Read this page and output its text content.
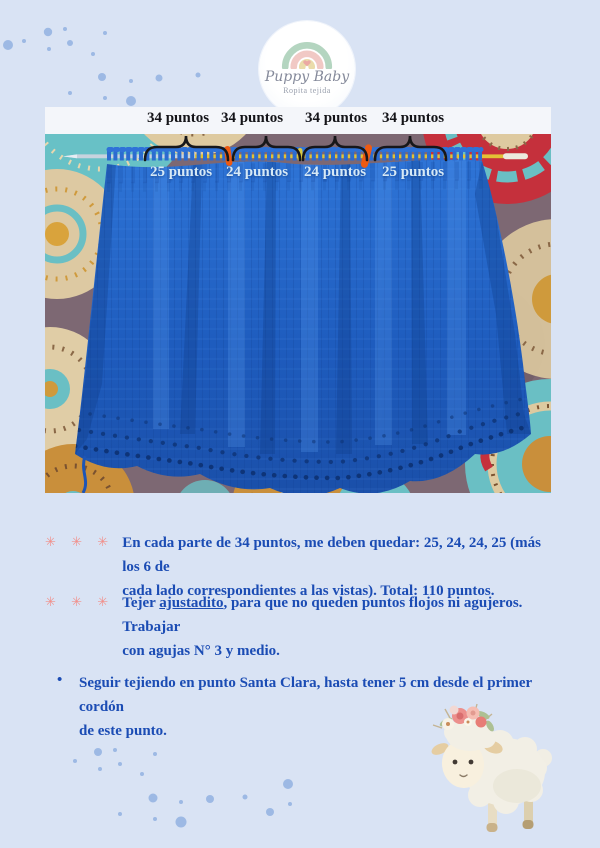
Puppy Baby
Ropita tejida
34 puntos 34 puntos 34 puntos 34 puntos
25 puntos 24 puntos 24 puntos 25 puntos
✳ ✳ ✳ En cada parte de 34 puntos, me deben quedar: 25, 24, 24, 25 (más los 6 de
cada lado correspondientes a las vistas). Total: 110 puntos.
✳ ✳ ✳ Tejer ajustadito, para que no queden puntos flojos ni agujeros. Trabajar
con agujas N° 3 y medio.
•	Seguir tejiendo en punto Santa Clara, hasta tener 5 cm desde el primer cordón
de este punto.
